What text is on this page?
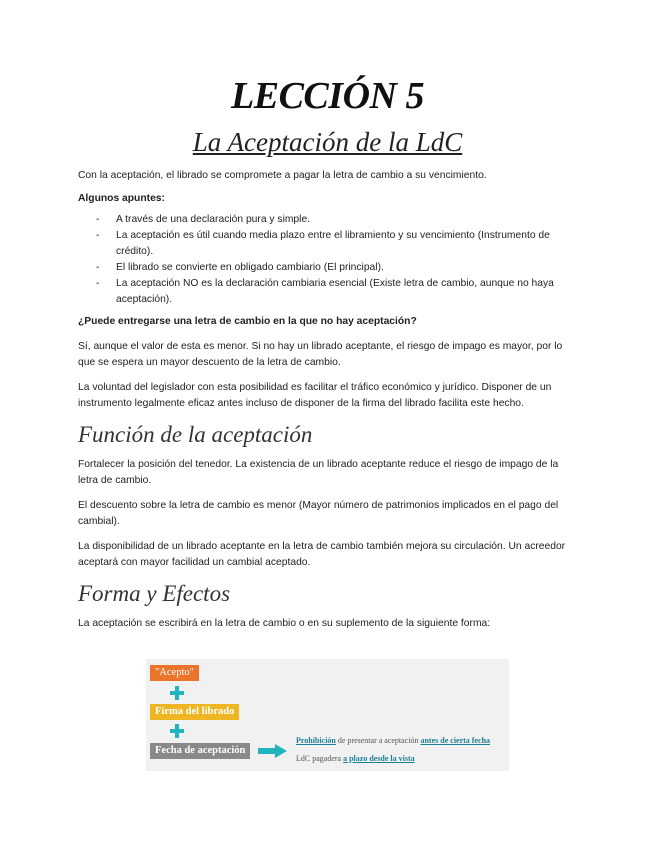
LECCIÓN 5
La Aceptación de la LdC

Con la aceptación, el librado se compromete a pagar la letra de cambio a su vencimiento.

Algunos apuntes:

- A través de una declaración pura y simple.
- La aceptación es útil cuando media plazo entre el libramiento y su vencimiento (Instrumento de crédito).
- El librado se convierte en obligado cambiario (El principal).
- La aceptación NO es la declaración cambiaria esencial (Existe letra de cambio, aunque no haya aceptación).

¿Puede entregarse una letra de cambio en la que no hay aceptación?

Sí, aunque el valor de esta es menor. Si no hay un librado aceptante, el riesgo de impago es mayor, por lo que se espera un mayor descuento de la letra de cambio.

La voluntad del legislador con esta posibilidad es facilitar el tráfico económico y jurídico. Disponer de un instrumento legalmente eficaz antes incluso de disponer de la firma del librado facilita este hecho.

Función de la aceptación

Fortalecer la posición del tenedor. La existencia de un librado aceptante reduce el riesgo de impago de la letra de cambio.

El descuento sobre la letra de cambio es menor (Mayor número de patrimonios implicados en el pago del cambial).

La disponibilidad de un librado aceptante en la letra de cambio también mejora su circulación. Un acreedor aceptará con mayor facilidad un cambial aceptado.

Forma y Efectos

La aceptación se escribirá en la letra de cambio o en su suplemento de la siguiente forma:

"Acepto"
Firma del librado
Fecha de aceptación
Prohibición de presentar a aceptación antes de cierta fecha
LdC pagadera a plazo desde la vista
